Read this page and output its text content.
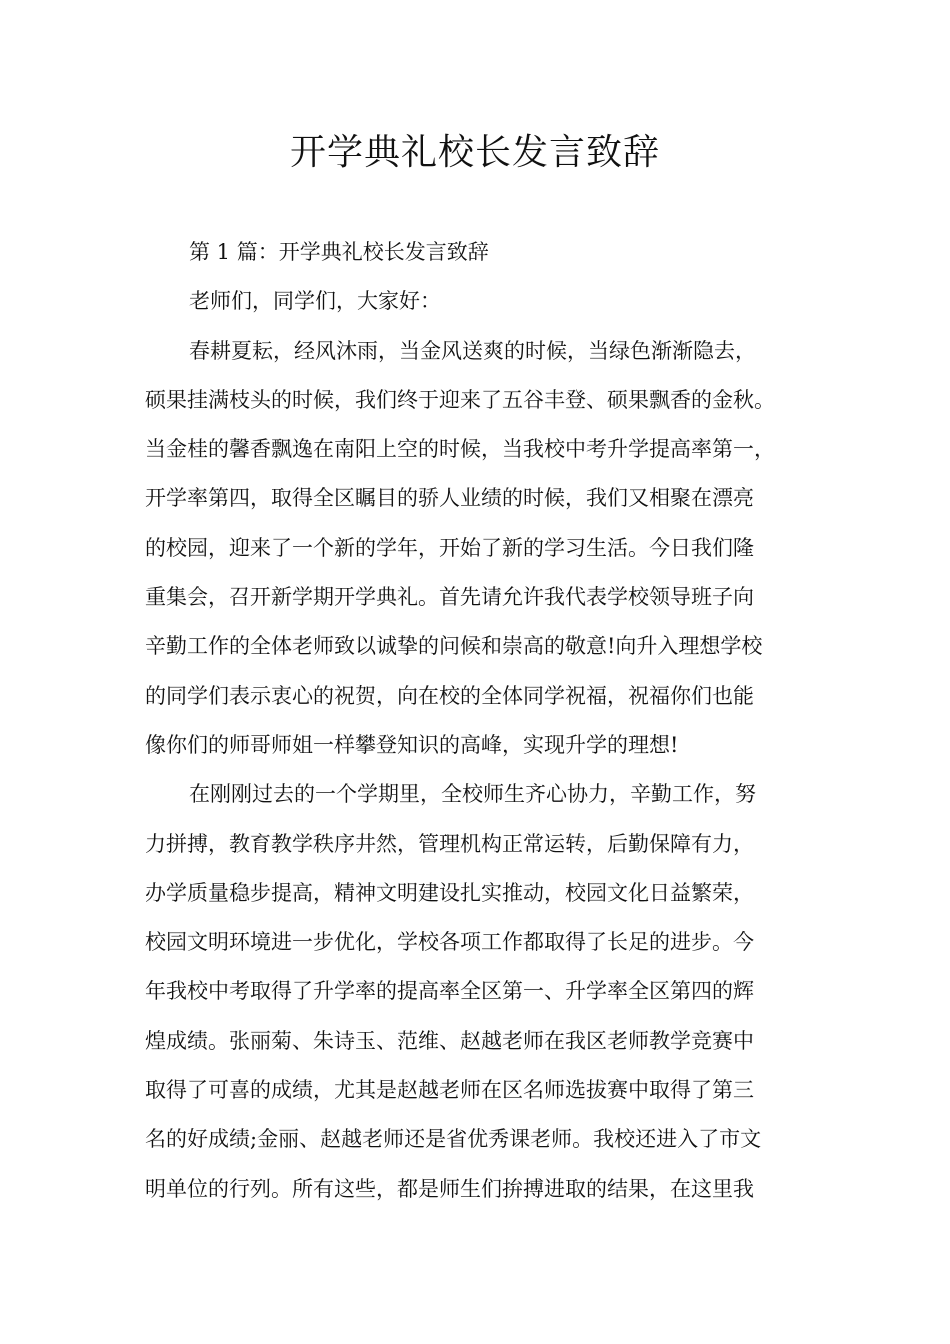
开学典礼校长发言致辞
第 1 篇：开学典礼校长发言致辞
老师们，同学们，大家好：
春耕夏耘，经风沐雨，当金风送爽的时候，当绿色渐渐隐去，
硕果挂满枝头的时候，我们终于迎来了五谷丰登、硕果飘香的金秋。
当金桂的馨香飘逸在南阳上空的时候，当我校中考升学提高率第一，
开学率第四，取得全区瞩目的骄人业绩的时候，我们又相聚在漂亮
的校园，迎来了一个新的学年，开始了新的学习生活。今日我们隆
重集会，召开新学期开学典礼。首先请允许我代表学校领导班子向
辛勤工作的全体老师致以诚挚的问候和崇高的敬意!向升入理想学校
的同学们表示衷心的祝贺，向在校的全体同学祝福，祝福你们也能
像你们的师哥师姐一样攀登知识的高峰，实现升学的理想!
在刚刚过去的一个学期里，全校师生齐心协力，辛勤工作，努
力拼搏，教育教学秩序井然，管理机构正常运转，后勤保障有力，
办学质量稳步提高，精神文明建设扎实推动，校园文化日益繁荣，
校园文明环境进一步优化，学校各项工作都取得了长足的进步。今
年我校中考取得了升学率的提高率全区第一、升学率全区第四的辉
煌成绩。张丽菊、朱诗玉、范维、赵越老师在我区老师教学竞赛中
取得了可喜的成绩，尤其是赵越老师在区名师选拔赛中取得了第三
名的好成绩;金丽、赵越老师还是省优秀课老师。我校还进入了市文
明单位的行列。所有这些，都是师生们拚搏进取的结果，在这里我
